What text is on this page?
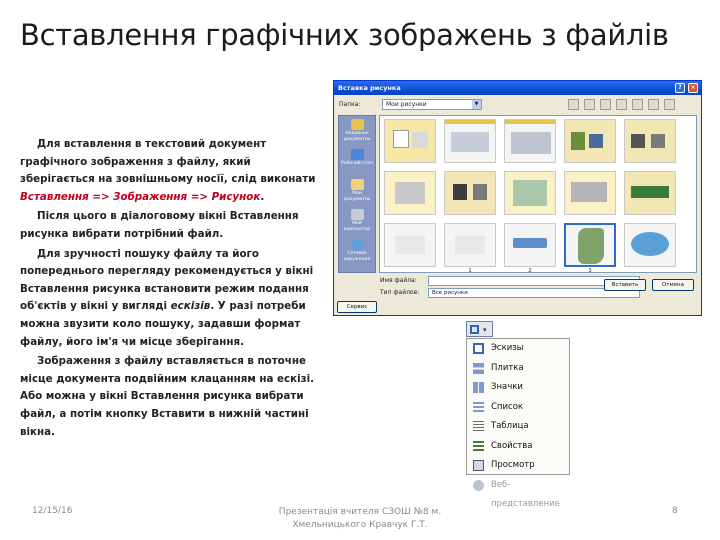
Вставлення графічних зображень з файлів

Для вставлення в текстовий документ графічного зображення з файлу, який зберігається на зовнішньому носії, слід виконати Вставлення => Зображення => Рисунок.

Після цього в діалоговому вікні Вставлення рисунка вибрати потрібний файл.

Для зручності пошуку файлу та його попереднього перегляду рекомендується у вікні Вставлення рисунка встановити режим подання об'єктів у вікні у вигляді ескізів. У разі потреби можна звузити коло пошуку, задавши формат файлу, його ім'я чи місце зберігання.

Зображення з файлу вставляється в поточне місце документа подвійним клацанням на ескізі. Або можна у вікні Вставлення рисунка вибрати файл, а потім кнопку Вставити в нижній частині вікна.

Вставка рисунка	?	×
Папка:	Мои рисунки	▼

Недавние документы
Рабочий стол
Мои документы
Мой компьютер
Сетевое окружение
1	2	3
Имя файла:
Тип файлов:	Все рисунки
Сервис
Вставить	Отмена
▾
Эскизы
Плитка
Значки
Список
Таблица
Свойства
Просмотр
Веб-представление
12/15/16	Презентація вчителя СЗОШ №8 м.
Хмельницького Кравчук Г.Т.
8
